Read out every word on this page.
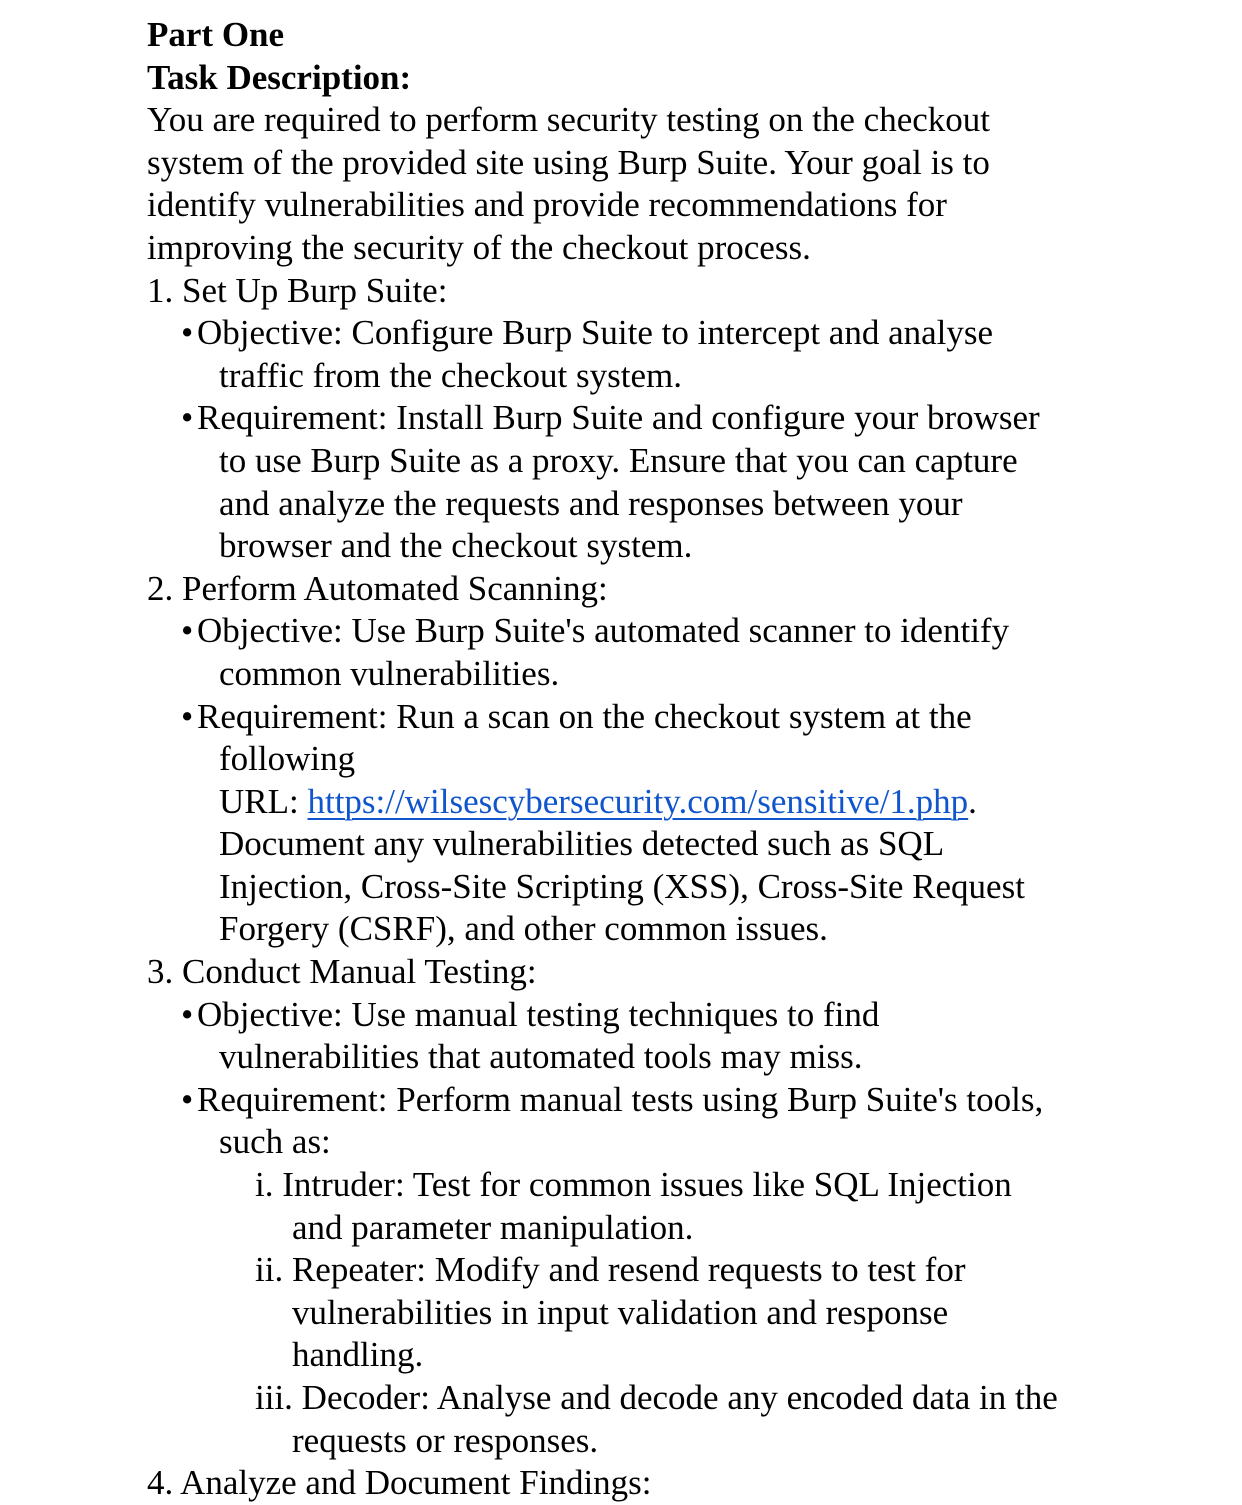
Part One
Task Description:
You are required to perform security testing on the checkout
system of the provided site using Burp Suite. Your goal is to
identify vulnerabilities and provide recommendations for
improving the security of the checkout process.
1. Set Up Burp Suite:
• Objective: Configure Burp Suite to intercept and analyse
traffic from the checkout system.
• Requirement: Install Burp Suite and configure your browser
to use Burp Suite as a proxy. Ensure that you can capture
and analyze the requests and responses between your
browser and the checkout system.
2. Perform Automated Scanning:
• Objective: Use Burp Suite's automated scanner to identify
common vulnerabilities.
• Requirement: Run a scan on the checkout system at the
following
URL: https://wilsescybersecurity.com/sensitive/1.php.
Document any vulnerabilities detected such as SQL
Injection, Cross-Site Scripting (XSS), Cross-Site Request
Forgery (CSRF), and other common issues.
3. Conduct Manual Testing:
• Objective: Use manual testing techniques to find
vulnerabilities that automated tools may miss.
• Requirement: Perform manual tests using Burp Suite's tools,
such as:
i. Intruder: Test for common issues like SQL Injection
and parameter manipulation.
ii. Repeater: Modify and resend requests to test for
vulnerabilities in input validation and response
handling.
iii. Decoder: Analyse and decode any encoded data in the
requests or responses.
4. Analyze and Document Findings:
